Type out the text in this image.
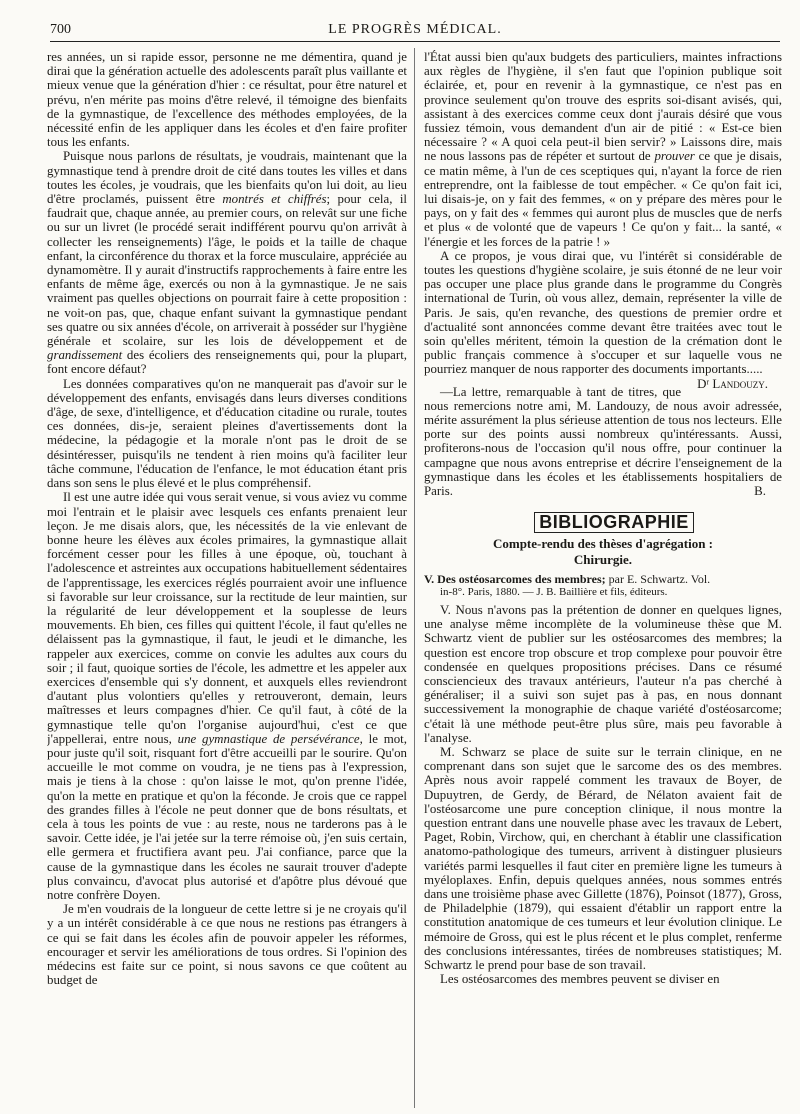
700	LE PROGRÈS MÉDICAL.

res années, un si rapide essor, personne ne me démentira, quand je dirai que la génération actuelle des adolescents paraît plus vaillante et mieux venue que la génération d'hier : ce résultat, pour être naturel et prévu, n'en mérite pas moins d'être relevé, il témoigne des bienfaits de la gymnastique, de l'excellence des méthodes employées, de la nécessité enfin de les appliquer dans les écoles et d'en faire profiter tous les enfants.

Puisque nous parlons de résultats, je voudrais, maintenant que la gymnastique tend à prendre droit de cité dans toutes les villes et dans toutes les écoles, je voudrais, que les bienfaits qu'on lui doit, au lieu d'être proclamés, puissent être montrés et chiffrés; pour cela, il faudrait que, chaque année, au premier cours, on relevât sur une fiche ou sur un livret (le procédé serait indifférent pourvu qu'on arrivât à collecter les renseignements) l'âge, le poids et la taille de chaque enfant, la circonférence du thorax et la force musculaire, appréciée au dynamomètre. Il y aurait d'instructifs rapprochements à faire entre les enfants de même âge, exercés ou non à la gymnastique. Je ne sais vraiment pas quelles objections on pourrait faire à cette proposition : ne voit-on pas, que, chaque enfant suivant la gymnastique pendant ses quatre ou six années d'école, on arriverait à posséder sur l'hygiène générale et scolaire, sur les lois de développement et de grandissement des écoliers des renseignements qui, pour la plupart, font encore défaut?

Les données comparatives qu'on ne manquerait pas d'avoir sur le développement des enfants, envisagés dans leurs diverses conditions d'âge, de sexe, d'intelligence, et d'éducation citadine ou rurale, toutes ces données, dis-je, seraient pleines d'avertissements dont la médecine, la pédagogie et la morale n'ont pas le droit de se désintéresser, puisqu'ils ne tendent à rien moins qu'à faciliter leur tâche commune, l'éducation de l'enfance, le mot éducation étant pris dans son sens le plus élevé et le plus compréhensif.

Il est une autre idée qui vous serait venue, si vous aviez vu comme moi l'entrain et le plaisir avec lesquels ces enfants prenaient leur leçon. Je me disais alors, que, les nécessités de la vie enlevant de bonne heure les élèves aux écoles primaires, la gymnastique allait forcément cesser pour les filles à une époque, où, touchant à l'adolescence et astreintes aux occupations habituellement sédentaires de l'apprentissage, les exercices réglés pourraient avoir une influence si favorable sur leur croissance, sur la rectitude de leur maintien, sur la régularité de leur développement et la souplesse de leurs mouvements. Eh bien, ces filles qui quittent l'école, il faut qu'elles ne délaissent pas la gymnastique, il faut, le jeudi et le dimanche, les rappeler aux exercices, comme on convie les adultes aux cours du soir ; il faut, quoique sorties de l'école, les admettre et les appeler aux exercices d'ensemble qui s'y donnent, et auxquels elles reviendront d'autant plus volontiers qu'elles y retrouveront, demain, leurs maîtresses et leurs compagnes d'hier. Ce qu'il faut, à côté de la gymnastique telle qu'on l'organise aujourd'hui, c'est ce que j'appellerai, entre nous, une gymnastique de persévérance, le mot, pour juste qu'il soit, risquant fort d'être accueilli par le sourire. Qu'on accueille le mot comme on voudra, je ne tiens pas à l'expression, mais je tiens à la chose : qu'on laisse le mot, qu'on prenne l'idée, qu'on la mette en pratique et qu'on la féconde. Je crois que ce rappel des grandes filles à l'école ne peut donner que de bons résultats, et cela à tous les points de vue : au reste, nous ne tarderons pas à le savoir. Cette idée, je l'ai jetée sur la terre rémoise où, j'en suis certain, elle germera et fructifiera avant peu. J'ai confiance, parce que la cause de la gymnastique dans les écoles ne saurait trouver d'adepte plus convaincu, d'avocat plus autorisé et d'apôtre plus dévoué que notre confrère Doyen.

Je m'en voudrais de la longueur de cette lettre si je ne croyais qu'il y a un intérêt considérable à ce que nous ne restions pas étrangers à ce qui se fait dans les écoles afin de pouvoir appeler les réformes, encourager et servir les améliorations de tous ordres. Si l'opinion des médecins est faite sur ce point, si nous savons ce que coûtent au budget de

l'État aussi bien qu'aux budgets des particuliers, maintes infractions aux règles de l'hygiène, il s'en faut que l'opinion publique soit éclairée, et, pour en revenir à la gymnastique, ce n'est pas en province seulement qu'on trouve des esprits soi-disant avisés, qui, assistant à des exercices comme ceux dont j'aurais désiré que vous fussiez témoin, vous demandent d'un air de pitié : « Est-ce bien nécessaire ? « A quoi cela peut-il bien servir? » Laissons dire, mais ne nous lassons pas de répéter et surtout de prouver ce que je disais, ce matin même, à l'un de ces sceptiques qui, n'ayant la force de rien entreprendre, ont la faiblesse de tout empêcher. « Ce qu'on fait ici, lui disais-je, on y fait des femmes, « on y prépare des mères pour le pays, on y fait des « femmes qui auront plus de muscles que de nerfs et plus « de volonté que de vapeurs ! Ce qu'on y fait... la santé, « l'énergie et les forces de la patrie ! »

A ce propos, je vous dirai que, vu l'intérêt si considérable de toutes les questions d'hygiène scolaire, je suis étonné de ne leur voir pas occuper une place plus grande dans le programme du Congrès international de Turin, où vous allez, demain, représenter la ville de Paris. Je sais, qu'en revanche, des questions de premier ordre et d'actualité sont annoncées comme devant être traitées avec tout le soin qu'elles méritent, témoin la question de la crémation dont le public français commence à s'occuper et sur laquelle vous ne pourriez manquer de nous rapporter des documents importants.....
Dʳ Landouzy.

—La lettre, remarquable à tant de titres, que nous remercions notre ami, M. Landouzy, de nous avoir adressée, mérite assurément la plus sérieuse attention de tous nos lecteurs. Elle porte sur des points aussi nombreux qu'intéressants. Aussi, profiterons-nous de l'occasion qu'il nous offre, pour continuer la campagne que nous avons entreprise et décrire l'enseignement de la gymnastique dans les écoles et les établissements hospitaliers de Paris.	B.

BIBLIOGRAPHIE
Compte-rendu des thèses d'agrégation :
Chirurgie.

V. Des ostéosarcomes des membres; par E. Schwartz. Vol.
in-8°. Paris, 1880. — J. B. Baillière et fils, éditeurs.

V. Nous n'avons pas la prétention de donner en quelques lignes, une analyse même incomplète de la volumineuse thèse que M. Schwartz vient de publier sur les ostéosarcomes des membres; la question est encore trop obscure et trop complexe pour pouvoir être condensée en quelques propositions précises. Dans ce résumé consciencieux des travaux antérieurs, l'auteur n'a pas cherché à généraliser; il a suivi son sujet pas à pas, en nous donnant successivement la monographie de chaque variété d'ostéosarcome; c'était là une méthode peut-être plus sûre, mais peu favorable à l'analyse.

M. Schwarz se place de suite sur le terrain clinique, en ne comprenant dans son sujet que le sarcome des os des membres. Après nous avoir rappelé comment les travaux de Boyer, de Dupuytren, de Gerdy, de Bérard, de Nélaton avaient fait de l'ostéosarcome une pure conception clinique, il nous montre la question entrant dans une nouvelle phase avec les travaux de Lebert, Paget, Robin, Virchow, qui, en cherchant à établir une classification anatomo-pathologique des tumeurs, arrivent à distinguer plusieurs variétés parmi lesquelles il faut citer en première ligne les tumeurs à myéloplaxes. Enfin, depuis quelques années, nous sommes entrés dans une troisième phase avec Gillette (1876), Poinsot (1877), Gross, de Philadelphie (1879), qui essaient d'établir un rapport entre la constitution anatomique de ces tumeurs et leur évolution clinique. Le mémoire de Gross, qui est le plus récent et le plus complet, renferme des conclusions intéressantes, tirées de nombreuses statistiques; M. Schwartz le prend pour base de son travail.

Les ostéosarcomes des membres peuvent se diviser en
